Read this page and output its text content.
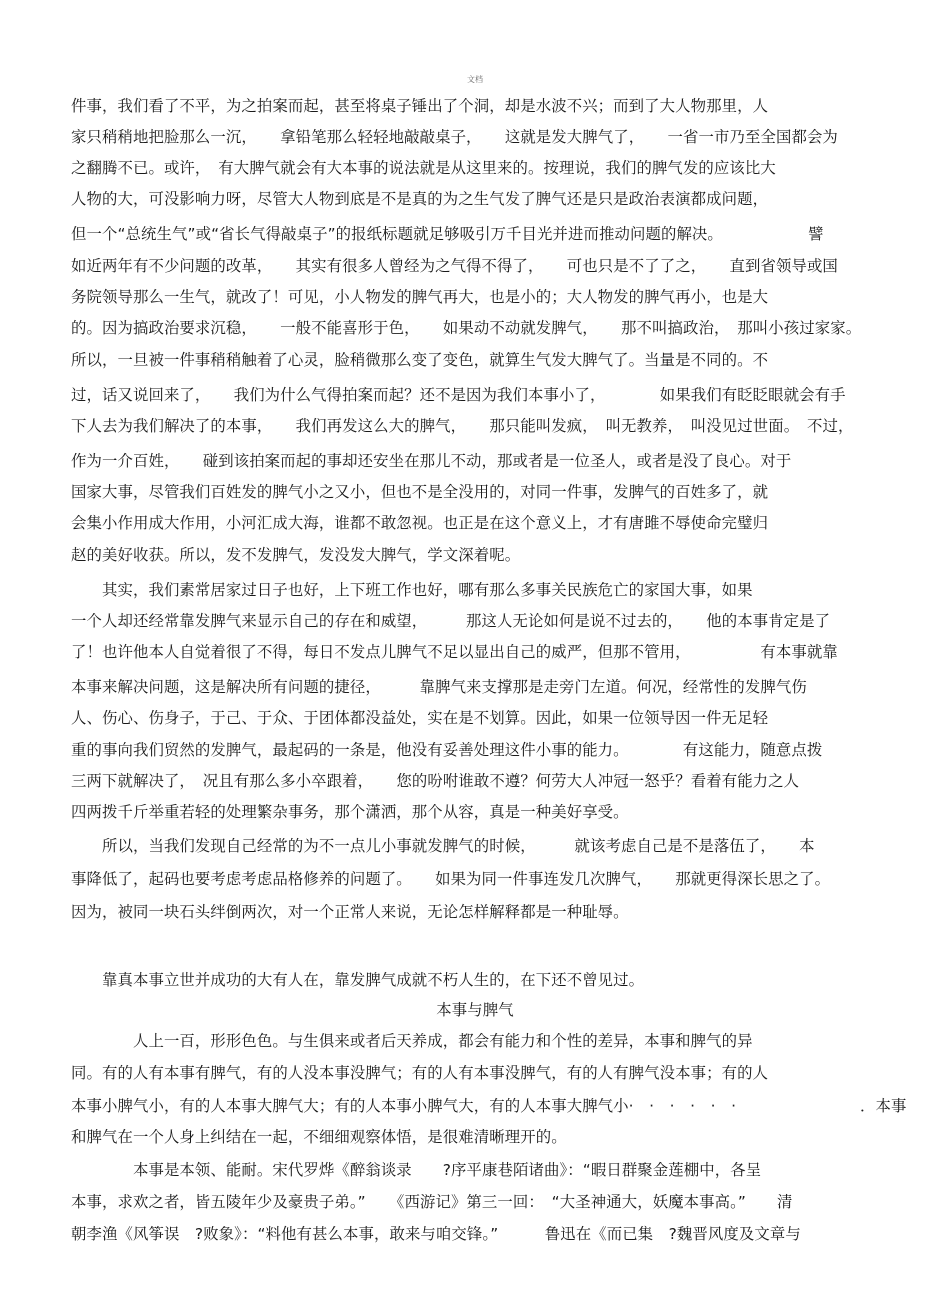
文档
件事，我们看了不平，为之拍案而起，甚至将桌子锤出了个洞，却是水波不兴；而到了大人物那里，人
家只稍稍地把脸那么一沉，　　拿铅笔那么轻轻地敲敲桌子，　　这就是发大脾气了，　　一省一市乃至全国都会为
之翻腾不已。或许，　有大脾气就会有大本事的说法就是从这里来的。按理说，我们的脾气发的应该比大
人物的大，可没影响力呀，尽管大人物到底是不是真的为之生气发了脾气还是只是政治表演都成问题，
但一个“总统生气”或“省长气得敲桌子”的报纸标题就足够吸引万千目光并进而推动问题的解决。　　　　　　譬
如近两年有不少问题的改革，　　其实有很多人曾经为之气得不得了，　　可也只是不了了之，　　直到省领导或国
务院领导那么一生气，就改了！可见，小人物发的脾气再大，也是小的；大人物发的脾气再小，也是大
的。因为搞政治要求沉稳，　　一般不能喜形于色，　　如果动不动就发脾气，　　那不叫搞政治，　那叫小孩过家家。
所以，一旦被一件事稍稍触着了心灵，脸稍微那么变了变色，就算生气发大脾气了。当量是不同的。不
过，话又说回来了，　　我们为什么气得拍案而起？还不是因为我们本事小了，　　　　如果我们有眨眨眼就会有手
下人去为我们解决了的本事，　　我们再发这么大的脾气，　　那只能叫发疯，　叫无教养，　叫没见过世面。　不过，
作为一介百姓，　　碰到该拍案而起的事却还安坐在那儿不动，那或者是一位圣人，或者是没了良心。对于
国家大事，尽管我们百姓发的脾气小之又小，但也不是全没用的，对同一件事，发脾气的百姓多了，就
会集小作用成大作用，小河汇成大海，谁都不敢忽视。也正是在这个意义上，才有唐雎不辱使命完璧归
赵的美好收获。所以，发不发脾气，发没发大脾气，学文深着呢。
　　其实，我们素常居家过日子也好，上下班工作也好，哪有那么多事关民族危亡的家国大事，如果
一个人却还经常靠发脾气来显示自己的存在和威望，　　　那这人无论如何是说不过去的，　　他的本事肯定是了
了！也许他本人自觉着很了不得，每日不发点儿脾气不足以显出自己的威严，但那不管用，　　　　　有本事就靠
本事来解决问题，这是解决所有问题的捷径，　　　靠脾气来支撑那是走旁门左道。何况，经常性的发脾气伤
人、伤心、伤身子，于己、于众、于团体都没益处，实在是不划算。因此，如果一位领导因一件无足轻
重的事向我们贸然的发脾气，最起码的一条是，他没有妥善处理这件小事的能力。　　　　有这能力，随意点拨
三两下就解决了，　况且有那么多小卒跟着，　　您的吩咐谁敢不遵？何劳大人冲冠一怒乎？看着有能力之人
四两拨千斤举重若轻的处理繁杂事务，那个潇洒，那个从容，真是一种美好享受。
　　所以，当我们发现自己经常的为不一点儿小事就发脾气的时候，　　　就该考虑自己是不是落伍了，　　本
事降低了，起码也要考虑考虑品格修养的问题了。　　如果为同一件事连发几次脾气，　　那就更得深长思之了。
因为，被同一块石头绊倒两次，对一个正常人来说，无论怎样解释都是一种耻辱。
　　靠真本事立世并成功的大有人在，靠发脾气成就不朽人生的，在下还不曾见过。
本事与脾气
　　　　人上一百，形形色色。与生俱来或者后天养成，都会有能力和个性的差异，本事和脾气的异
同。有的人有本事有脾气，有的人没本事没脾气；有的人有本事没脾气，有的人有脾气没本事；有的人
本事小脾气小，有的人本事大脾气大；有的人本事小脾气大，有的人本事大脾气小·　·　·　·　·　·　　　　　　　　．本事
和脾气在一个人身上纠结在一起，不细细观察体悟，是很难清晰理开的。
　　　　本事是本领、能耐。宋代罗烨《醉翁谈录　　?序平康巷陌诸曲》：“暇日群聚金莲棚中，各呈
本事，求欢之者，皆五陵年少及豪贵子弟。”　　《西游记》第三一回：　“大圣神通大，妖魔本事高。”　　清
朝李渔《风筝误　?败象》：“料他有甚么本事，敢来与咱交锋。”　　　鲁迅在《而已集　?魏晋风度及文章与
